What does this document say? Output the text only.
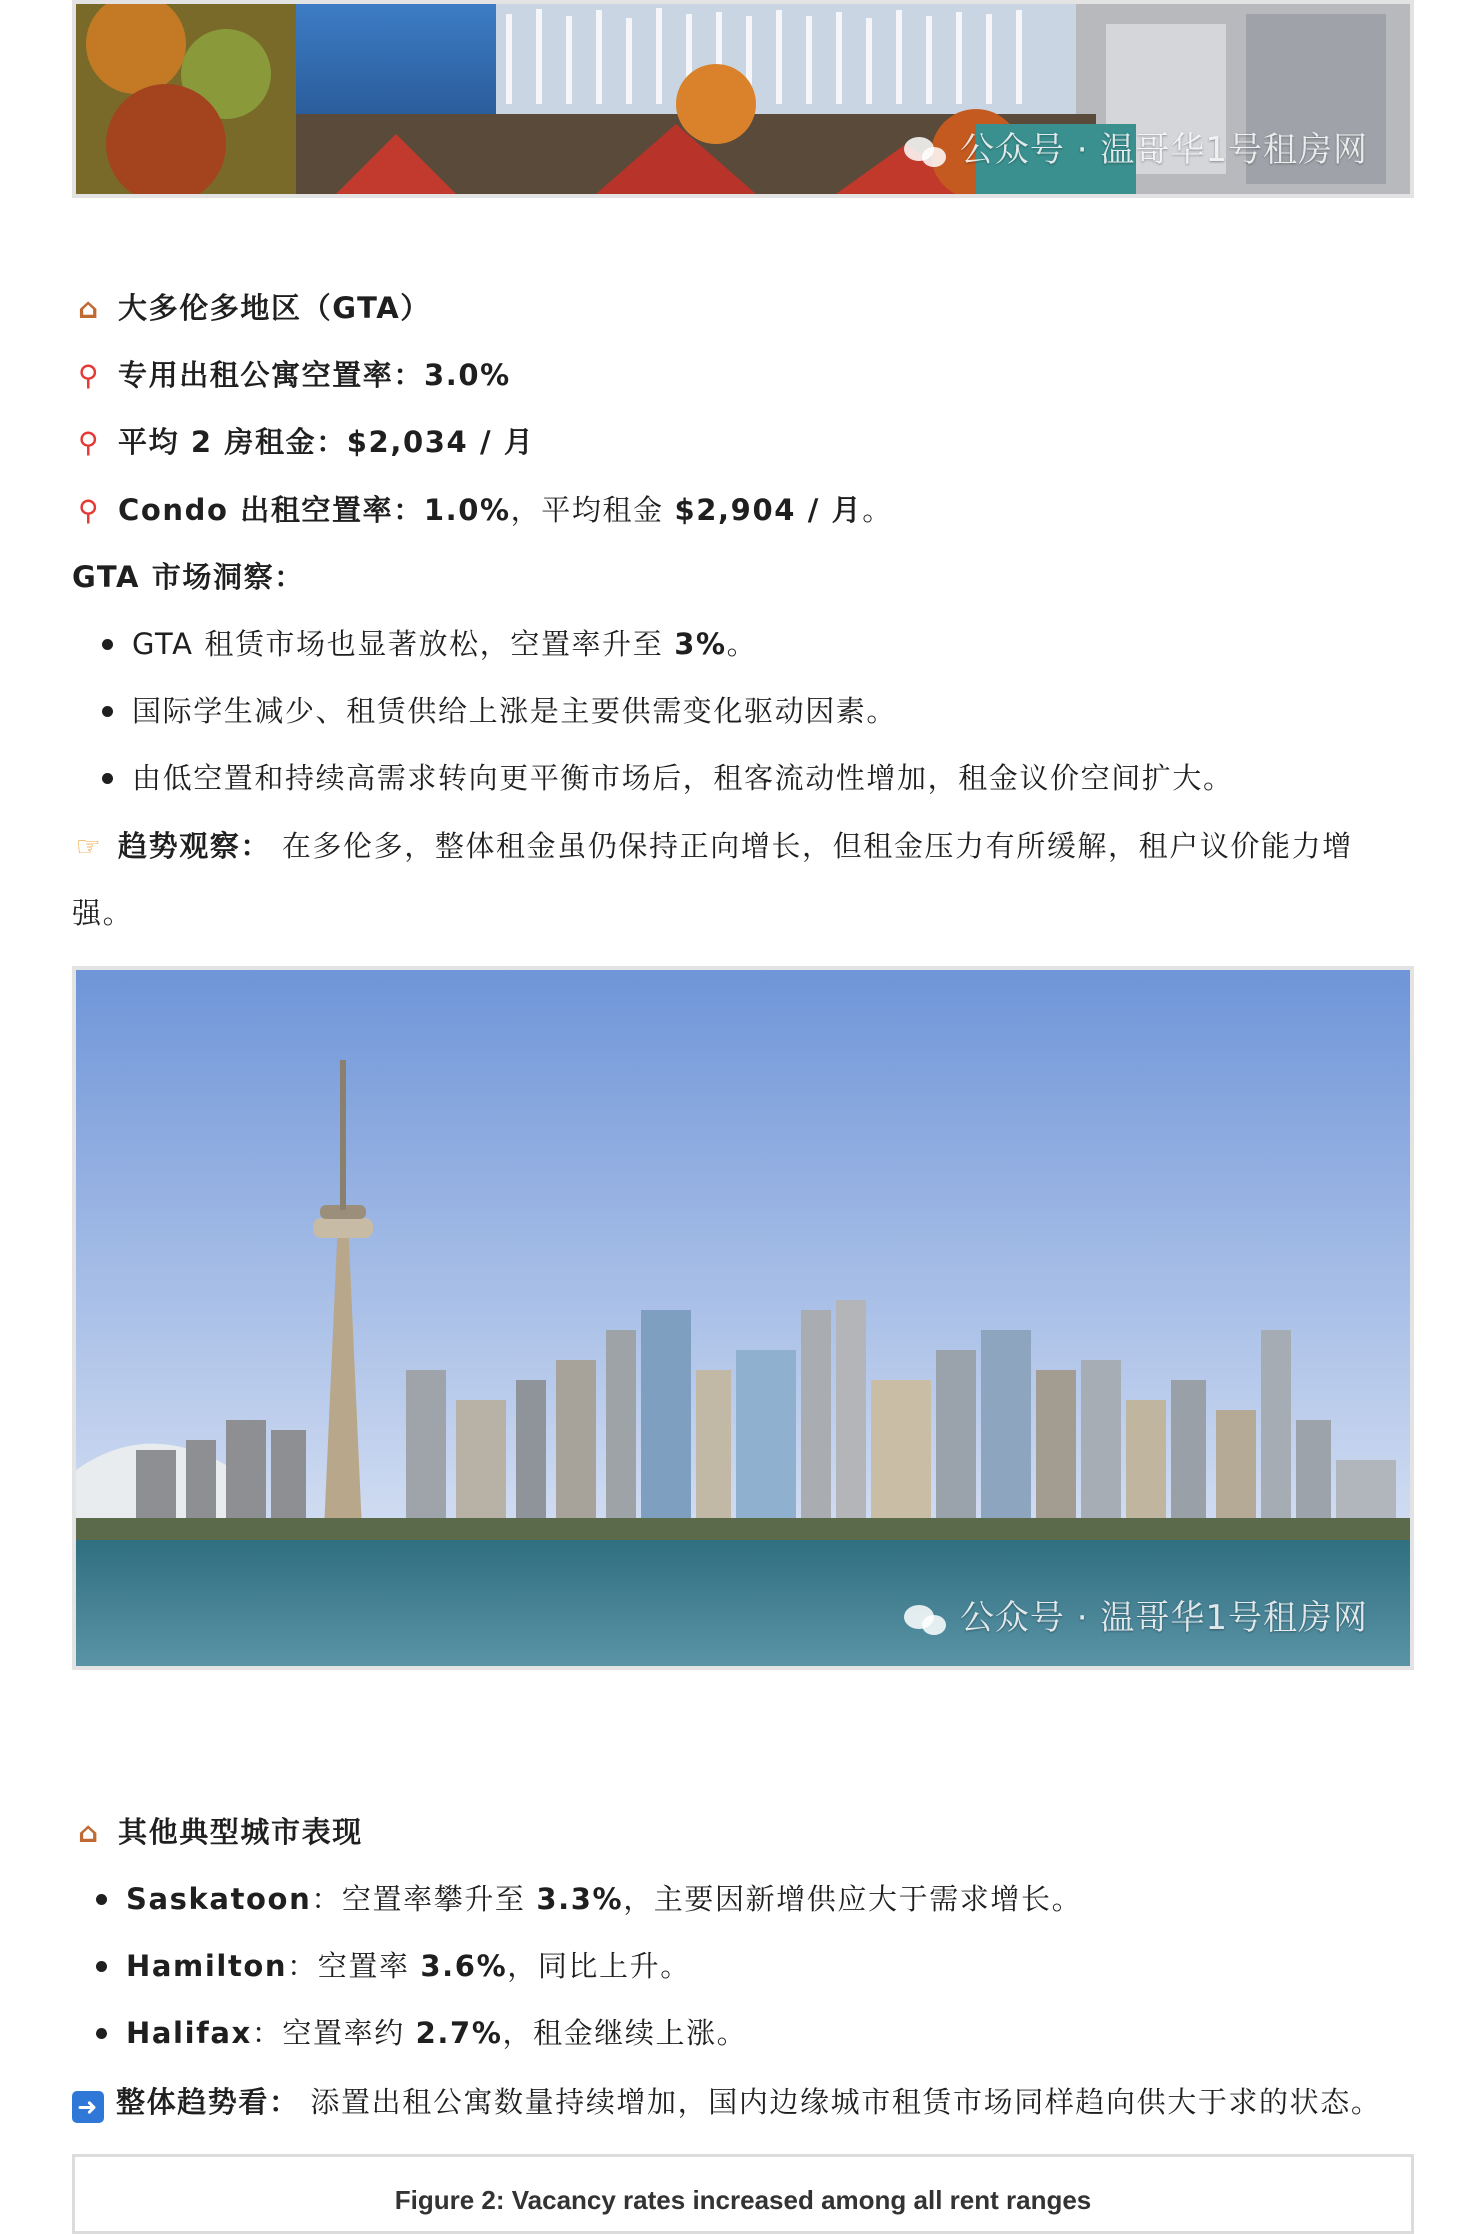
公众号 · 温哥华1号租房网
⌂ 大多伦多地区（GTA）
⚲ 专用出租公寓空置率：3.0%
⚲ 平均 2 房租金：$2,034 / 月
⚲ Condo 出租空置率：1.0%，平均租金 $2,904 / 月。
GTA 市场洞察：
GTA 租赁市场也显著放松，空置率升至 3%。
国际学生减少、租赁供给上涨是主要供需变化驱动因素。
由低空置和持续高需求转向更平衡市场后，租客流动性增加，租金议价空间扩大。
☞ 趋势观察： 在多伦多，整体租金虽仍保持正向增长，但租金压力有所缓解，租户议价能力增
强。
公众号 · 温哥华1号租房网
⌂ 其他典型城市表现
Saskatoon：空置率攀升至 3.3%，主要因新增供应大于需求增长。
Hamilton：空置率 3.6%，同比上升。
Halifax：空置率约 2.7%，租金继续上涨。
➜ 整体趋势看： 添置出租公寓数量持续增加，国内边缘城市租赁市场同样趋向供大于求的状态。
Figure 2: Vacancy rates increased among all rent ranges
